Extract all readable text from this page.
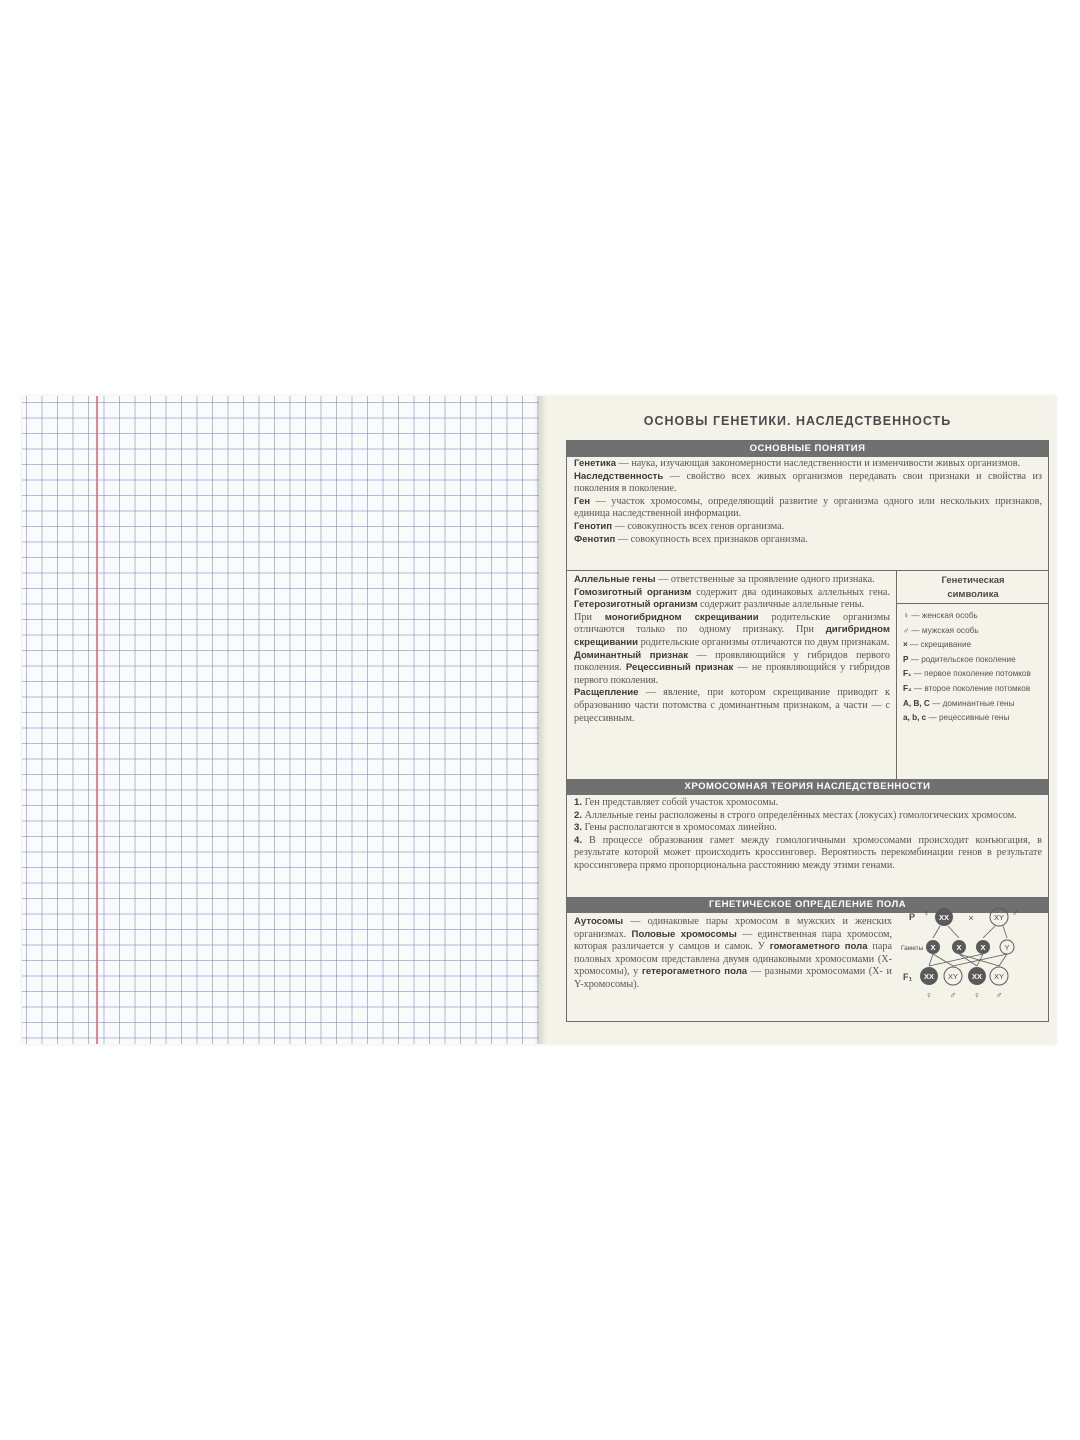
ОСНОВЫ ГЕНЕТИКИ. НАСЛЕДСТВЕННОСТЬ
ОСНОВНЫЕ ПОНЯТИЯ

Генетика — наука, изучающая закономерности наследственности и изменчивости живых организмов.

Наследственность — свойство всех живых организмов передавать свои признаки и свойства из поколения в поколение.

Ген — участок хромосомы, определяющий развитие у организма одного или нескольких признаков, единица наследственной информации.

Генотип — совокупность всех генов организма.

Фенотип — совокупность всех признаков организма.

Аллельные гены — ответственные за проявление одного признака.

Гомозиготный организм содержит два одинаковых аллельных гена. Гетерозиготный организм содержит различные аллельные гены.

При моногибридном скрещивании родительские организмы отличаются только по одному признаку. При дигибридном скрещивании родительские организмы отличаются по двум признакам.

Доминантный признак — проявляющийся у гибридов первого поколения. Рецессивный признак — не проявляющийся у гибридов первого поколения.

Расщепление — явление, при котором скрещивание приводит к образованию части потомства с доминантным признаком, а части — с рецессивным.

Генетическая
символика
♀ — женская особь
♂ — мужская особь
× — скрещивание
P — родительское поколение
F₁ — первое поколение потомков
F₂ — второе поколение потомков
A, B, C — доминантные гены
a, b, c — рецессивные гены
ХРОМОСОМНАЯ ТЕОРИЯ НАСЛЕДСТВЕННОСТИ

1. Ген представляет собой участок хромосомы.

2. Аллельные гены расположены в строго определённых местах (локусах) гомологических хромосом.

3. Гены располагаются в хромосомах линейно.

4. В процессе образования гамет между гомологичными хромосомами происходит конъюгация, в результате которой может происходить кроссинговер. Вероятность перекомбинации генов в результате кроссинговера прямо пропорциональна расстоянию между этими генами.

ГЕНЕТИЧЕСКОЕ ОПРЕДЕЛЕНИЕ ПОЛА

Аутосомы — одинаковые пары хромосом в мужских и женских организмах. Половые хромосомы — единственная пара хромосом, которая различается у самцов и самок. У гомогаметного пола пара половых хромосом представлена двумя одинаковыми хромосомами (X-хромосомы), у гетерогаметного пола — разными хромосомами (X- и Y-хромосомы).

P ♀ XX ×	XY ♂
Гаметы X	X	X	Y
F₁ XX XY XX XY
♀ ♂ ♀ ♂
